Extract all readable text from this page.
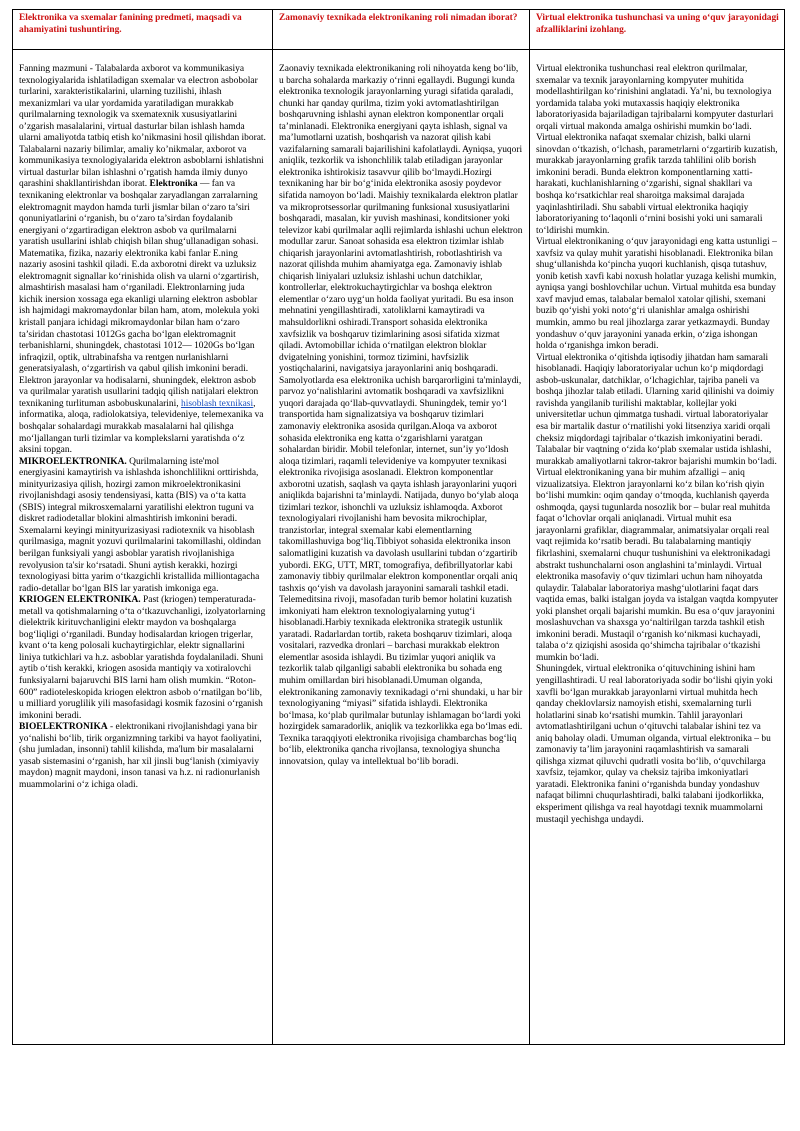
Elektronika va sxemalar fanining predmeti, maqsadi va ahamiyatini tushuntiring.

Fanning mazmuni - Talabalarda axborot va kommunikasiya texnologiyalarida ishlatiladigan sxemalar va elеctron asbobolar turlarini, xarakteristikalarini, ularning tuzilishi, ihlash mexanizmlari va ular yordamida yaratiladigan murakkab qurilmalarning texnologik va sxematexnik xususiyatlarini o’zgarish masalalarini, virtual dasturlar bilan ishlash hamda ularni amaliyotda tatbiq etish ko’nikmasini hosil qilishdan iborat. Talabalarni nazariy bilimlar, amaliy ko’nikmalar, axborot va kommunikasiya texnologiyalarida elektron asboblarni ishlatishni virtual dasturlar bilan ishlashni o’rgatish hamda ilmiy dunyo qarashini shakllantirishdan iborat. Elektronika — fan va texnikaning elektronlar va boshqalar zaryadlangan zarralarning elektromagnit maydon hamda turli jismlar bilan o‘zaro ta’siri qonuniyatlarini o‘rganish, bu o‘zaro ta’sirdan foydalanib energiyani o‘zgartiradigan elektron asbob va qurilmalarni yaratish usullarini ishlab chiqish bilan shug‘ullanadigan sohasi. Matematika, fizika, nazariy elektronika kabi fanlar E.ning nazariy asosini tashkil qiladi. E.da axborotni direkt va uzluksiz elektromagnit signallar ko‘rinishida olish va ularni o‘zgartirish, almashtirish masalasi ham o‘rganiladi. Elektronlarning juda kichik inersion xossaga ega ekanligi ularning elektron asboblar ish hajmidagi makromaydonlar bilan ham, atom, molekula yoki kristall panjara ichidagi mikromaydonlar bilan ham o‘zaro ta’siridan chastotasi 1012Gs gacha bo‘lgan elektromagnit terbanishlarni, shuningdek, chastotasi 1012— 1020Gs bo‘lgan infraqizil, optik, ultrabinafsha va rentgen nurlanishlarni generatsiyalash, o‘zgartirish va qabul qilish imkonini beradi. Elektron jarayonlar va hodisalarni, shuningdek, elektron asbob va qurilmalar yaratish usullarini tadqiq qilish natijalari elektron texnikaning turlituman asbobuskunalarini, hisoblash texnikasi, informatika, aloqa, radiolokatsiya, televideniye, telemexanika va boshqalar sohalardagi murakkab masalalarni hal qilishga mo‘ljallangan turli tizimlar va komplekslarni yaratishda o‘z aksini topgan.

MIKROELEKTRONIKA. Qurilmalarning iste'mol energiyasini kamaytirish va ishlashda ishonchlilikni orttirishda, minityurizasiya qilish, hozirgi zamon mikroelektronikasini rivojlanishdagi asosiy tendensiyasi, katta (BIS) va o‘ta katta (SBIS) integral mikrosxemalarni yaratilishi elektron tuguni va diskret radiodetallar blokini almashtirish imkonini beradi. Sxemalarni keyingi minityurizasiyasi radiotexnik va hisoblash qurilmasiga, magnit yozuvi qurilmalarini takomillashi, oldindan berilgan funksiyali yangi asboblar yaratish rivojlanishiga revolyusion ta'sir ko‘rsatadi. Shuni aytish kerakki, hozirgi texnologiyasi bitta yarim o‘tkazgichli kristallida milliontagacha radio-detallar bo‘lgan BIS lar yaratish imkoniga ega.

KRIOGEN ELEKTRONIKA. Past (kriogen) temperaturada-metall va qotishmalarning o‘ta o‘tkazuvchanligi, izolyatorlarning dielektrik kirituvchanligini elektr maydon va boshqalarga bog‘liqligi o‘rganiladi. Bunday hodisalardan kriogen trigerlar, kvant o‘ta keng polosali kuchaytirgichlar, elektr signallarini liniya tutkichlari va h.z. asboblar yaratishda foydalaniladi. Shuni aytib o‘tish kerakki, kriogen asosida mantiqiy va xotiralovchi funksiyalarni bajaruvchi BIS larni ham olish mumkin. “Roton-600” radioteleskopida kriogen elektron asbob o‘rnatilgan bo‘lib, u milliard yoruglilik yili masofasidagi kosmik fazosini o‘rganish imkonini beradi.

BIOELEKTRONIKA - elektronikani rivojlanishdagi yana bir yo‘nalishi bo‘lib, tirik organizmning tarkibi va hayot faoliyatini, (shu jumladan, insonni) tahlil kilishda, ma'lum bir masalalarni yasab sistemasini o‘rganish, har xil jinsli bug‘lanish (ximiyaviy maydon) magnit maydoni, inson tanasi va h.z. ni radionurlanish muammolarini o‘z ichiga oladi.

Zamonaviy texnikada elektronikaning roli nimadan iborat?

Zaonaviy texnikada elektronikaning roli nihoyatda keng bo‘lib, u barcha sohalarda markaziy o‘rinni egallaydi. Bugungi kunda elektronika texnologik jarayonlarning yuragi sifatida qaraladi, chunki har qanday qurilma, tizim yoki avtomatlashtirilgan boshqaruvning ishlashi aynan elektron komponentlar orqali ta’minlanadi. Elektronika energiyani qayta ishlash, signal va ma’lumotlarni uzatish, boshqarish va nazorat qilish kabi vazifalarning samarali bajarilishini kafolatlaydi. Ayniqsa, yuqori aniqlik, tezkorlik va ishonchlilik talab etiladigan jarayonlar elektronika ishtirokisiz tasavvur qilib bo‘lmaydi.Hozirgi texnikaning har bir bo‘g‘inida elektronika asosiy poydevor sifatida namoyon bo‘ladi. Maishiy texnikalarda elektron platlar va mikroprotsessorlar qurilmaning funksional xususiyatlarini boshqaradi, masalan, kir yuvish mashinasi, konditsioner yoki televizor kabi qurilmalar aqlli rejimlarda ishlashi uchun elektron modullar zarur. Sanoat sohasida esa elektron tizimlar ishlab chiqarish jarayonlarini avtomatlashtirish, robotlashtirish va nazorat qilishda muhim ahamiyatga ega. Zamonaviy ishlab chiqarish liniyalari uzluksiz ishlashi uchun datchiklar, kontrollerlar, elektrokuchaytirgichlar va boshqa elektron elementlar o‘zaro uyg‘un holda faoliyat yuritadi. Bu esa inson mehnatini yengillashtiradi, xatoliklarni kamaytiradi va mahsuldorlikni oshiradi.Transport sohasida elektronika xavfsizlik va boshqaruv tizimlarining asosi sifatida xizmat qiladi. Avtomobillar ichida o‘rnatilgan elektron bloklar dvigatelning yonishini, tormoz tizimini, havfsizlik yostiqchalarini, navigatsiya jarayonlarini aniq boshqaradi. Samolyotlarda esa elektronika uchish barqarorligini ta'minlaydi, parvoz yo‘nalishlarini avtomatik boshqaradi va xavfsizlikni yuqori darajada qo‘llab-quvvatlaydi. Shuningdek, temir yo‘l transportida ham signalizatsiya va boshqaruv tizimlari zamonaviy elektronika asosida qurilgan.Aloqa va axborot sohasida elektronika eng katta o‘zgarishlarni yaratgan sohalardan biridir. Mobil telefonlar, internet, sun’iy yo‘ldosh aloqa tizimlari, raqamli televideniye va kompyuter texnikasi elektronika rivojisiga asoslanadi. Elektron komponentlar axborotni uzatish, saqlash va qayta ishlash jarayonlarini yuqori aniqlikda bajarishni ta’minlaydi. Natijada, dunyo bo‘ylab aloqa tizimlari tezkor, ishonchli va uzluksiz ishlamoqda. Axborot texnologiyalari rivojlanishi ham bevosita mikrochiplar, tranzistorlar, integral sxemalar kabi elementlarning takomillashuviga bog‘liq.Tibbiyot sohasida elektronika inson salomatligini kuzatish va davolash usullarini tubdan o‘zgartirib yubordi. EKG, UTT, MRT, tomografiya, defibrillyatorlar kabi zamonaviy tibbiy qurilmalar elektron komponentlar orqali aniq tashxis qo‘yish va davolash jarayonini samarali tashkil etadi. Telemeditsina rivoji, masofadan turib bemor holatini kuzatish imkoniyati ham elektron texnologiyalarning yutug‘i hisoblanadi.Harbiy texnikada elektronika strategik ustunlik yaratadi. Radarlardan tortib, raketa boshqaruv tizimlari, aloqa vositalari, razvedka dronlari – barchasi murakkab elektron elementlar asosida ishlaydi. Bu tizimlar yuqori aniqlik va tezkorlik talab qilganligi sababli elektronika bu sohada eng muhim omillardan biri hisoblanadi.Umuman olganda, elektronikaning zamonaviy texnikadagi o‘rni shundaki, u har bir texnologiyaning “miyasi” sifatida ishlaydi. Elektronika bo‘lmasa, ko‘plab qurilmalar butunlay ishlamagan bo‘lardi yoki hozirgidek samaradorlik, aniqlik va tezkorlikka ega bo‘lmas edi. Texnika taraqqiyoti elektronika rivojisiga chambarchas bog‘liq bo‘lib, elektronika qancha rivojlansa, texnologiya shuncha innovatsion, qulay va intellektual bo‘lib boradi.

Virtual elektronika tushunchasi va uning o‘quv jarayonidagi afzalliklarini izohlang.

Virtual elektronika tushunchasi real elektron qurilmalar, sxemalar va texnik jarayonlarning kompyuter muhitida modellashtirilgan ko‘rinishini anglatadi. Ya’ni, bu texnologiya yordamida talaba yoki mutaxassis haqiqiy elektronika laboratoriyasida bajariladigan tajribalarni kompyuter dasturlari orqali virtual makonda amalga oshirishi mumkin bo‘ladi. Virtual elektronika nafaqat sxemalar chizish, balki ularni sinovdan o‘tkazish, o‘lchash, parametrlarni o‘zgartirib kuzatish, murakkab jarayonlarning grafik tarzda tahlilini olib borish imkonini beradi. Bunda elektron komponentlarning xatti-harakati, kuchlanishlarning o‘zgarishi, signal shakllari va boshqa ko‘rsatkichlar real sharoitga maksimal darajada yaqinlashtiriladi. Shu sababli virtual elektronika haqiqiy laboratoriyaning to‘laqonli o‘rnini bosishi yoki uni samarali to‘ldirishi mumkin.

Virtual elektronikaning o‘quv jarayonidagi eng katta ustunligi – xavfsiz va qulay muhit yaratishi hisoblanadi. Elektronika bilan shug‘ullanishda ko‘pincha yuqori kuchlanish, qisqa tutashuv, yonib ketish xavfi kabi noxush holatlar yuzaga kelishi mumkin, ayniqsa yangi boshlovchilar uchun. Virtual muhitda esa bunday xavf mavjud emas, talabalar bemalol xatolar qilishi, sxemani buzib qo‘yishi yoki noto‘g‘ri ulanishlar amalga oshirishi mumkin, ammo bu real jihozlarga zarar yetkazmaydi. Bunday yondashuv o‘quv jarayonini yanada erkin, o‘ziga ishongan holda o‘rganishga imkon beradi.

Virtual elektronika o‘qitishda iqtisodiy jihatdan ham samarali hisoblanadi. Haqiqiy laboratoriyalar uchun ko‘p miqdordagi asbob-uskunalar, datchiklar, o‘lchagichlar, tajriba paneli va boshqa jihozlar talab etiladi. Ularning xarid qilinishi va doimiy ravishda yangilanib turilishi maktablar, kollejlar yoki universitetlar uchun qimmatga tushadi. virtual laboratoriyalar esa bir martalik dastur o‘rnatilishi yoki litsenziya xaridi orqali cheksiz miqdordagi tajribalar o‘tkazish imkoniyatini beradi. Talabalar bir vaqtning o‘zida ko‘plab sxemalar ustida ishlashi, murakkab amaliyotlarni takror-takror bajarishi mumkin bo‘ladi.

Virtual elektronikaning yana bir muhim afzalligi – aniq vizualizatsiya. Elektron jarayonlarni ko‘z bilan ko‘rish qiyin bo‘lishi mumkin: oqim qanday o‘tmoqda, kuchlanish qayerda oshmoqda, qaysi tugunlarda nosozlik bor – bular real muhitda faqat o‘lchovlar orqali aniqlanadi. Virtual muhit esa jarayonlarni grafiklar, diagrammalar, animatsiyalar orqali real vaqt rejimida ko‘rsatib beradi. Bu talabalarning mantiqiy fikrlashini, sxemalarni chuqur tushunishini va elektronikadagi abstrakt tushunchalarni oson anglashini ta’minlaydi. Virtual elektronika masofaviy o‘quv tizimlari uchun ham nihoyatda qulaydir. Talabalar laboratoriya mashg‘ulotlarini faqat dars vaqtida emas, balki istalgan joyda va istalgan vaqtda kompyuter yoki planshet orqali bajarishi mumkin. Bu esa o‘quv jarayonini moslashuvchan va shaxsga yo‘naltirilgan tarzda tashkil etish imkonini beradi. Mustaqil o‘rganish ko‘nikmasi kuchayadi, talaba o‘z qiziqishi asosida qo‘shimcha tajribalar o‘tkazishi mumkin bo‘ladi.

Shuningdek, virtual elektronika o‘qituvchining ishini ham yengillashtiradi. U real laboratoriyada sodir bo‘lishi qiyin yoki xavfli bo‘lgan murakkab jarayonlarni virtual muhitda hech qanday cheklovlarsiz namoyish etishi, sxemalarning turli holatlarini sinab ko‘rsatishi mumkin. Tahlil jarayonlari avtomatlashtirilgani uchun o‘qituvchi talabalar ishini tez va aniq baholay oladi. Umuman olganda, virtual elektronika – bu zamonaviy ta’lim jarayonini raqamlashtirish va samarali qilishga xizmat qiluvchi qudratli vosita bo‘lib, o‘quvchilarga xavfsiz, tejamkor, qulay va cheksiz tajriba imkoniyatlari yaratadi. Elektronika fanini o‘rganishda bunday yondashuv nafaqat bilimni chuqurlashtiradi, balki talabani ijodkorlikka, eksperiment qilishga va real hayotdagi texnik muammolarni mustaqil yechishga undaydi.
